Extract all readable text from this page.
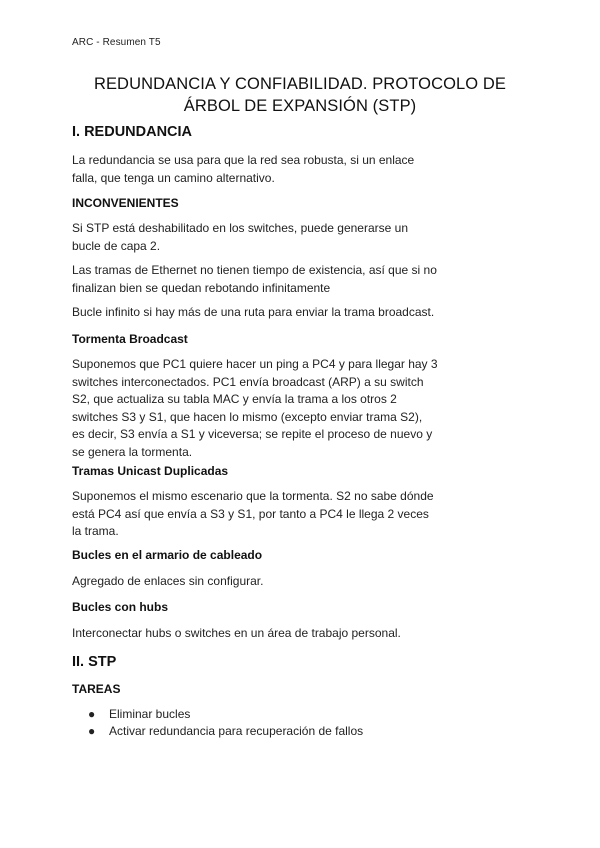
ARC - Resumen T5
REDUNDANCIA Y CONFIABILIDAD. PROTOCOLO DE
ÁRBOL DE EXPANSIÓN (STP)
I. REDUNDANCIA

La redundancia se usa para que la red sea robusta, si un enlace
falla, que tenga un camino alternativo.

INCONVENIENTES

Si STP está deshabilitado en los switches, puede generarse un
bucle de capa 2.

Las tramas de Ethernet no tienen tiempo de existencia, así que si no
finalizan bien se quedan rebotando infinitamente

Bucle infinito si hay más de una ruta para enviar la trama broadcast.

Tormenta Broadcast

Suponemos que PC1 quiere hacer un ping a PC4 y para llegar hay 3
switches interconectados. PC1 envía broadcast (ARP) a su switch
S2, que actualiza su tabla MAC y envía la trama a los otros 2
switches S3 y S1, que hacen lo mismo (excepto enviar trama S2),
es decir, S3 envía a S1 y viceversa; se repite el proceso de nuevo y
se genera la tormenta.

Tramas Unicast Duplicadas

Suponemos el mismo escenario que la tormenta. S2 no sabe dónde
está PC4 así que envía a S3 y S1, por tanto a PC4 le llega 2 veces
la trama.

Bucles en el armario de cableado

Agregado de enlaces sin configurar.

Bucles con hubs

Interconectar hubs o switches en un área de trabajo personal.

II. STP
TAREAS
● Eliminar bucles
● Activar redundancia para recuperación de fallos
